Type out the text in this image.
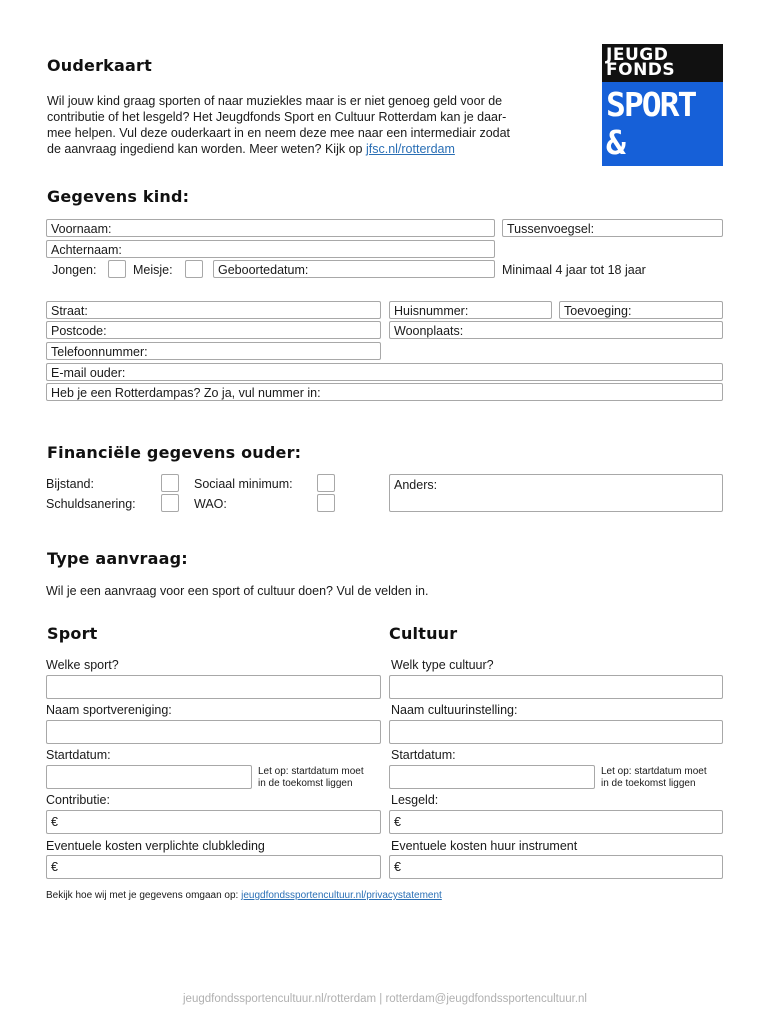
Ouderkaart
Wil jouw kind graag sporten of naar muziekles maar is er niet genoeg geld voor de
contributie of het lesgeld? Het Jeugdfonds Sport en Cultuur Rotterdam kan je daar-
mee helpen. Vul deze ouderkaart in en neem deze mee naar een intermediair zodat
de aanvraag ingediend kan worden. Meer weten? Kijk op jfsc.nl/rotterdam
JEUGD
FONDS
SPORT &
CULTUUR
Gegevens kind:
Voornaam:	Tussenvoegsel:
Achternaam:
Jongen:	Meisje:	Geboortedatum:	Minimaal 4 jaar tot 18 jaar
Straat:	Huisnummer:	Toevoeging:
Postcode:	Woonplaats:
Telefoonnummer:
E-mail ouder:
Heb je een Rotterdampas? Zo ja, vul nummer in:
Financiële gegevens ouder:
Bijstand:	Sociaal minimum:
Schuldsanering:	WAO:
Anders:
Type aanvraag:
Wil je een aanvraag voor een sport of cultuur doen? Vul de velden in.
Sport
Welke sport?
Naam sportvereniging:
Startdatum:
Let op: startdatum moet
in de toekomst liggen
Contributie:
€
Eventuele kosten verplichte clubkleding
€
Cultuur
Welk type cultuur?
Naam cultuurinstelling:
Startdatum:
Let op: startdatum moet
in de toekomst liggen
Lesgeld:
€
Eventuele kosten huur instrument
€
Bekijk hoe wij met je gegevens omgaan op: jeugdfondssportencultuur.nl/privacystatement
jeugdfondssportencultuur.nl/rotterdam | rotterdam@jeugdfondssportencultuur.nl
